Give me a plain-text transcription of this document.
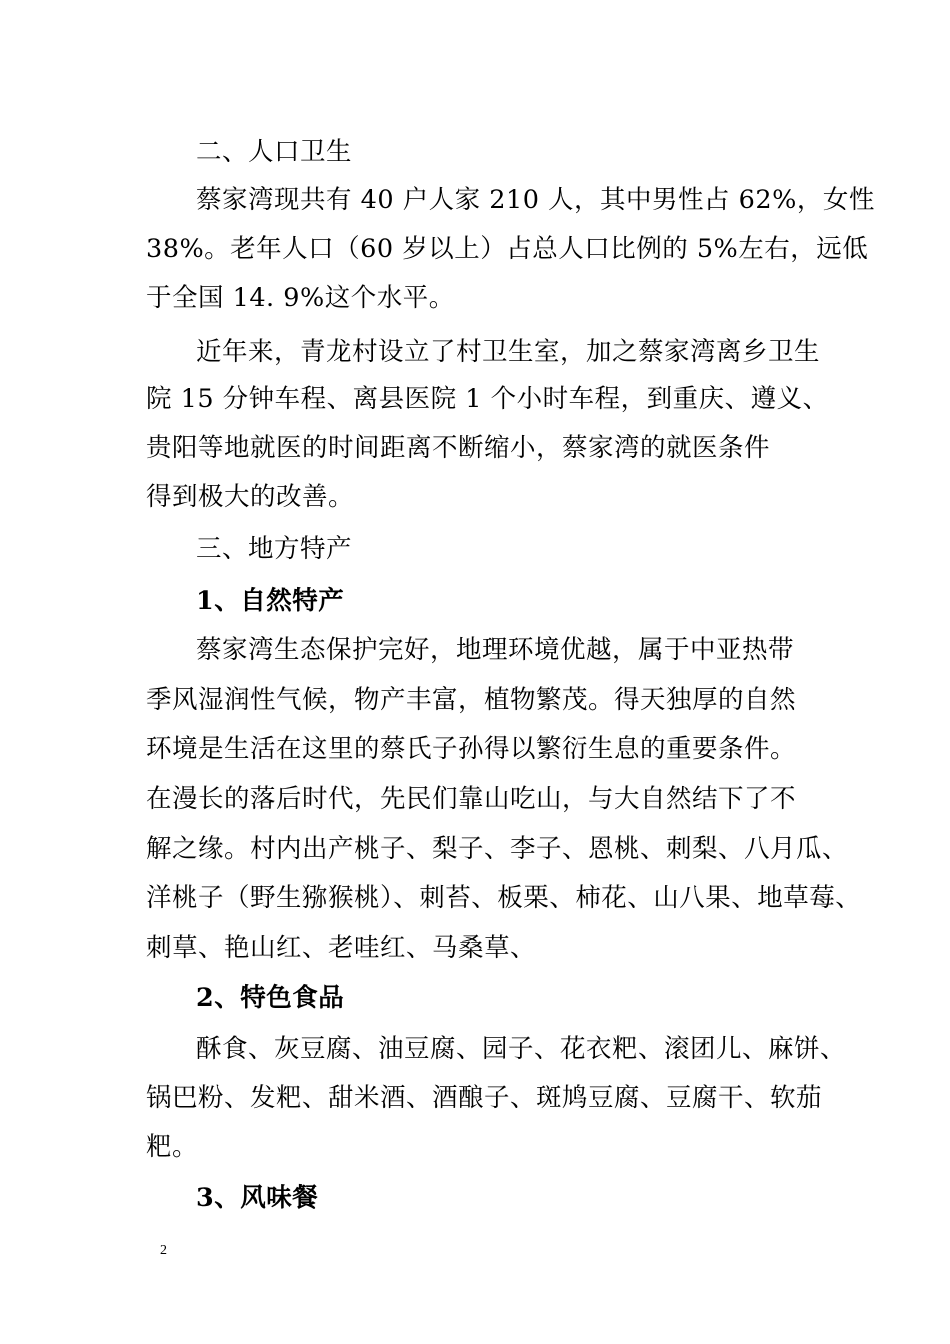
二、人口卫生
蔡家湾现共有 40 户人家 210 人，其中男性占 62%，女性
38%。老年人口（60 岁以上）占总人口比例的 5%左右，远低
于全国 14. 9%这个水平。
近年来，青龙村设立了村卫生室，加之蔡家湾离乡卫生
院 15 分钟车程、离县医院 1 个小时车程，到重庆、遵义、
贵阳等地就医的时间距离不断缩小，蔡家湾的就医条件
得到极大的改善。
三、地方特产
1、自然特产
蔡家湾生态保护完好，地理环境优越，属于中亚热带
季风湿润性气候，物产丰富，植物繁茂。得天独厚的自然
环境是生活在这里的蔡氏子孙得以繁衍生息的重要条件。
在漫长的落后时代，先民们靠山吃山，与大自然结下了不
解之缘。村内出产桃子、梨子、李子、恩桃、刺梨、八月瓜、
洋桃子（野生猕猴桃）、刺苔、板栗、柿花、山八果、地草莓、
刺䓍、艳山红、老哇红、马桑䓍、
2、特色食品
酥食、灰豆腐、油豆腐、园子、花衣粑、滚团儿、麻饼、
锅巴粉、发粑、甜米酒、酒酿子、斑鸠豆腐、豆腐干、软茄
粑。
3、风味餐
2
